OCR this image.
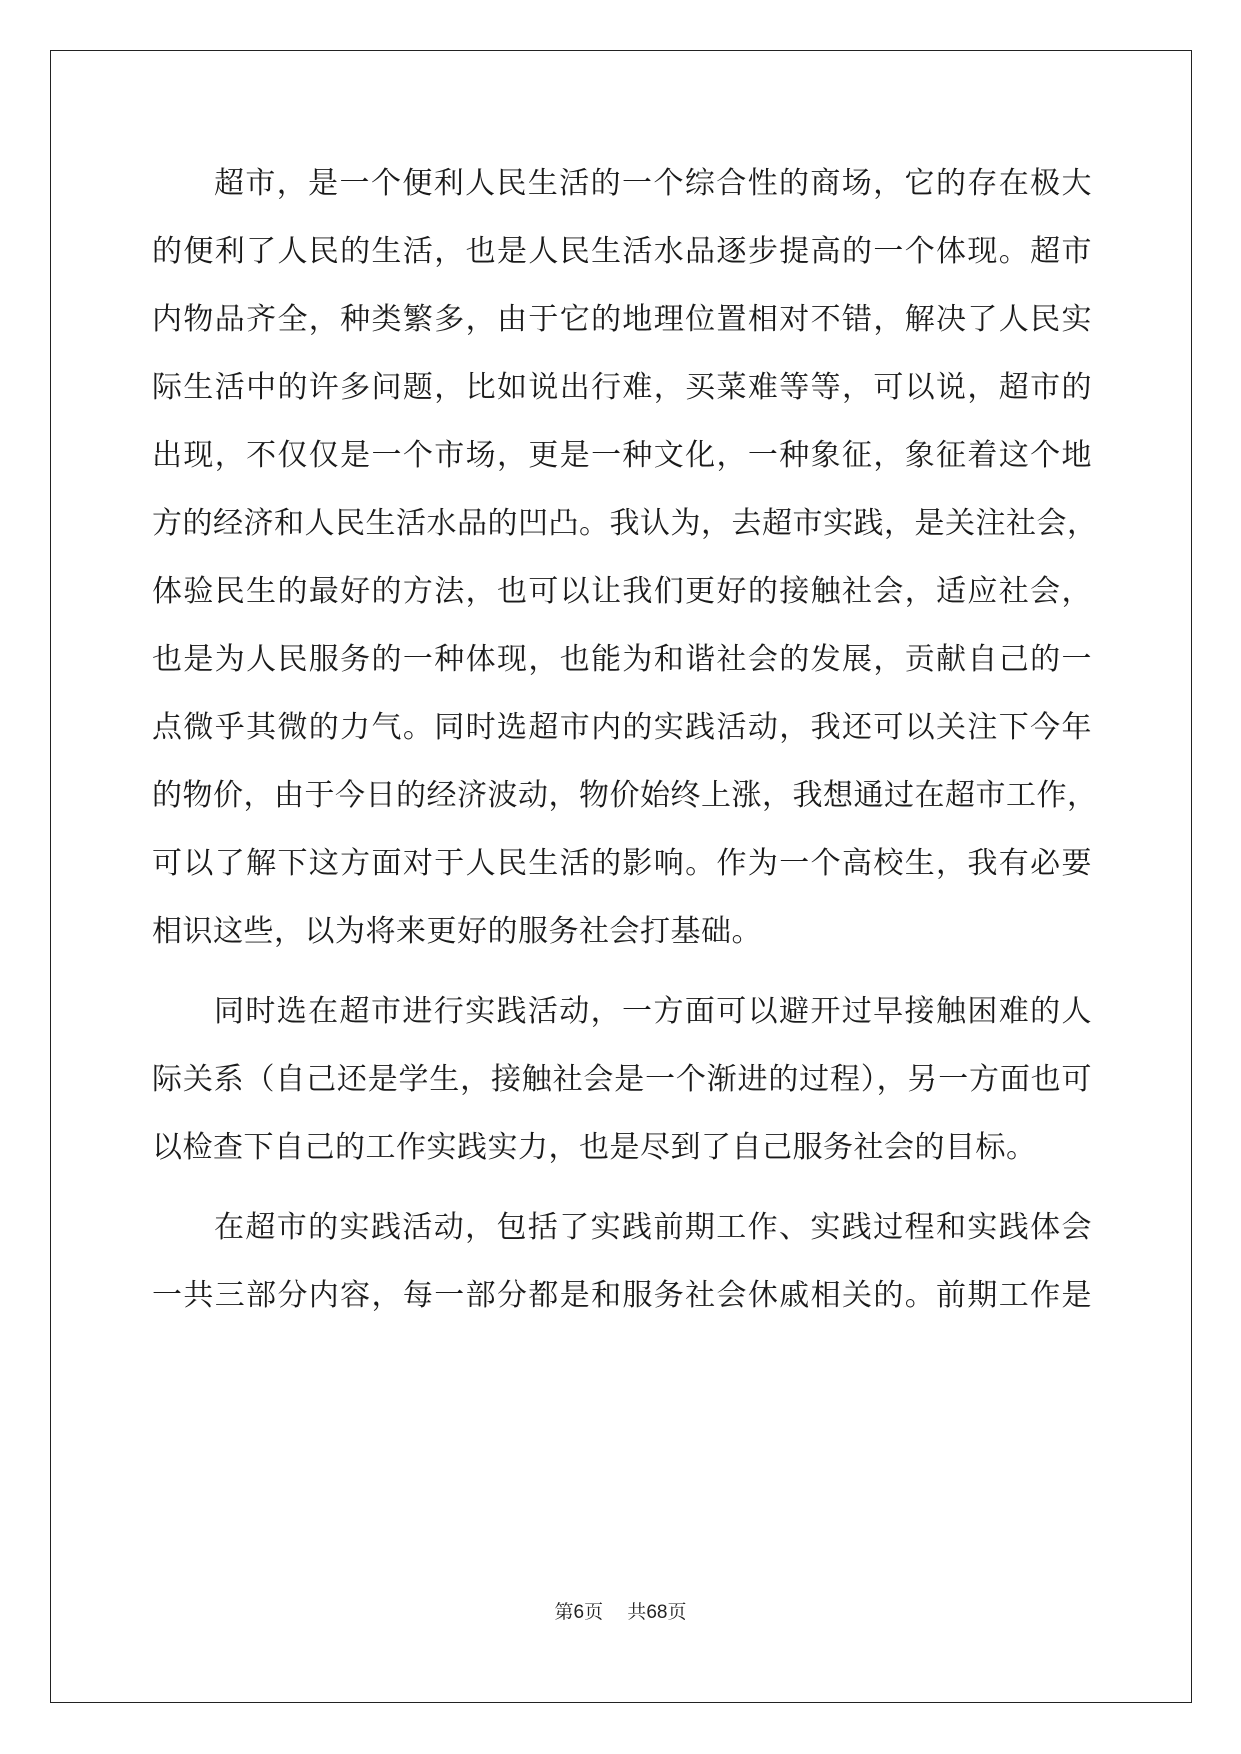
超市，是一个便利人民生活的一个综合性的商场，它的存在极大
的便利了人民的生活，也是人民生活水品逐步提高的一个体现。超市
内物品齐全，种类繁多，由于它的地理位置相对不错，解决了人民实
际生活中的许多问题，比如说出行难，买菜难等等，可以说，超市的
出现，不仅仅是一个市场，更是一种文化，一种象征，象征着这个地
方的经济和人民生活水品的凹凸。我认为，去超市实践，是关注社会，
体验民生的最好的方法，也可以让我们更好的接触社会，适应社会，
也是为人民服务的一种体现，也能为和谐社会的发展，贡献自己的一
点微乎其微的力气。同时选超市内的实践活动，我还可以关注下今年
的物价，由于今日的经济波动，物价始终上涨，我想通过在超市工作，
可以了解下这方面对于人民生活的影响。作为一个高校生，我有必要
相识这些，以为将来更好的服务社会打基础。
同时选在超市进行实践活动，一方面可以避开过早接触困难的人
际关系（自己还是学生，接触社会是一个渐进的过程），另一方面也可
以检查下自己的工作实践实力，也是尽到了自己服务社会的目标。
在超市的实践活动，包括了实践前期工作、实践过程和实践体会
一共三部分内容，每一部分都是和服务社会休戚相关的。前期工作是
第6页 共68页
